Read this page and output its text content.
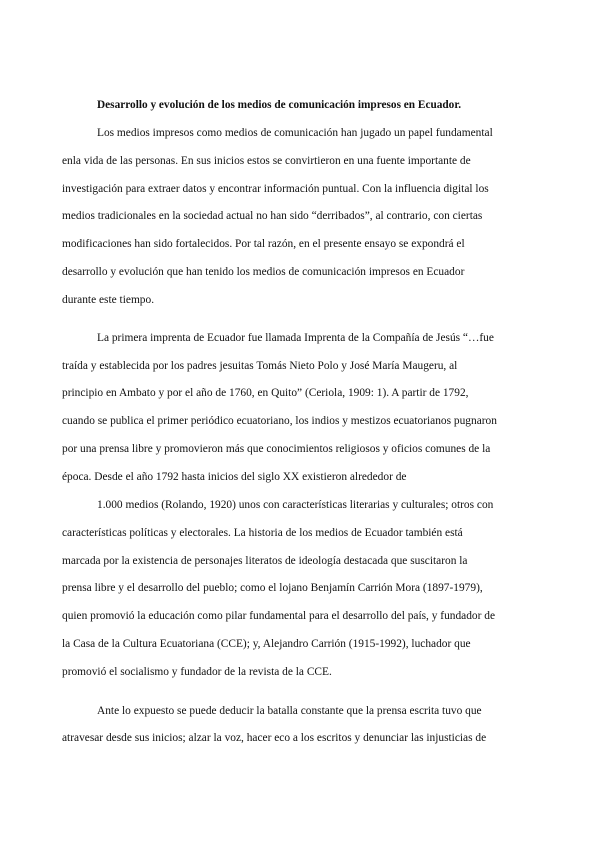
Desarrollo y evolución de los medios de comunicación impresos en Ecuador.
Los medios impresos como medios de comunicación han jugado un papel fundamental
enla vida de las personas. En sus inicios estos se convirtieron en una fuente importante de
investigación para extraer datos y encontrar información puntual. Con la influencia digital los
medios tradicionales en la sociedad actual no han sido “derribados”, al contrario, con ciertas
modificaciones han sido fortalecidos. Por tal razón, en el presente ensayo se expondrá el
desarrollo y evolución que han tenido los medios de comunicación impresos en Ecuador
durante este tiempo.
La primera imprenta de Ecuador fue llamada Imprenta de la Compañía de Jesús “…fue
traída y establecida por los padres jesuitas Tomás Nieto Polo y José María Maugeru, al
principio en Ambato y por el año de 1760, en Quito” (Ceriola, 1909: 1). A partir de 1792,
cuando se publica el primer periódico ecuatoriano, los indios y mestizos ecuatorianos pugnaron
por una prensa libre y promovieron más que conocimientos religiosos y oficios comunes de la
época. Desde el año 1792 hasta inicios del siglo XX existieron alrededor de
1.000 medios (Rolando, 1920) unos con características literarias y culturales; otros con
características políticas y electorales. La historia de los medios de Ecuador también está
marcada por la existencia de personajes literatos de ideología destacada que suscitaron la
prensa libre y el desarrollo del pueblo; como el lojano Benjamín Carrión Mora (1897-1979),
quien promovió la educación como pilar fundamental para el desarrollo del país, y fundador de
la Casa de la Cultura Ecuatoriana (CCE); y, Alejandro Carrión (1915-1992), luchador que
promovió el socialismo y fundador de la revista de la CCE.
Ante lo expuesto se puede deducir la batalla constante que la prensa escrita tuvo que
atravesar desde sus inicios; alzar la voz, hacer eco a los escritos y denunciar las injusticias de
